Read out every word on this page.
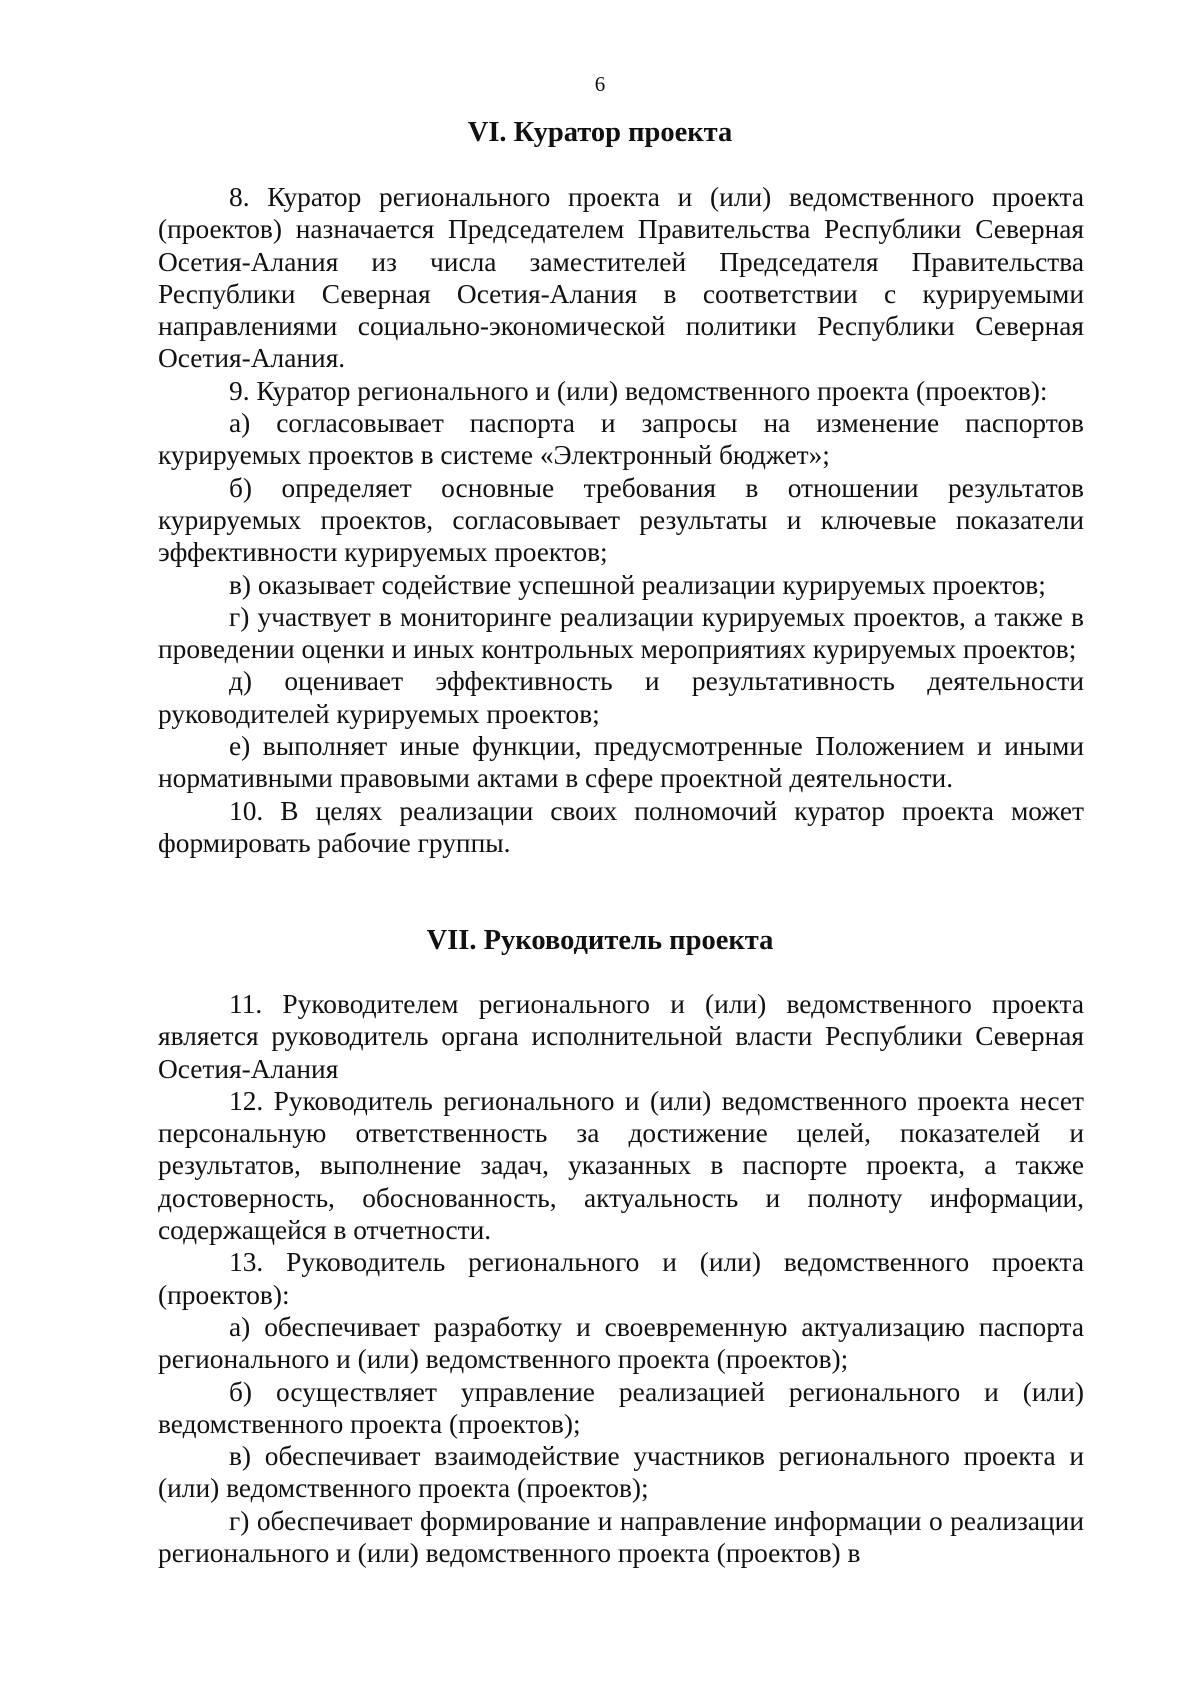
6
VI. Куратор проекта

8. Куратор регионального проекта и (или) ведомственного проекта (проектов) назначается Председателем Правительства Республики Северная Осетия-Алания из числа заместителей Председателя Правительства Республики Северная Осетия-Алания в соответствии с курируемыми направлениями социально-экономической политики Республики Северная Осетия-Алания.

9. Куратор регионального и (или) ведомственного проекта (проектов):

а) согласовывает паспорта и запросы на изменение паспортов курируемых проектов в системе «Электронный бюджет»;

б) определяет основные требования в отношении результатов курируемых проектов, согласовывает результаты и ключевые показатели эффективности курируемых проектов;

в) оказывает содействие успешной реализации курируемых проектов;

г) участвует в мониторинге реализации курируемых проектов, а также в проведении оценки и иных контрольных мероприятиях курируемых проектов;

д) оценивает эффективность и результативность деятельности руководителей курируемых проектов;

е) выполняет иные функции, предусмотренные Положением и иными нормативными правовыми актами в сфере проектной деятельности.

10. В целях реализации своих полномочий куратор проекта может формировать рабочие группы.

VII. Руководитель проекта

11. Руководителем регионального и (или) ведомственного проекта является руководитель органа исполнительной власти Республики Северная Осетия-Алания

12. Руководитель регионального и (или) ведомственного проекта несет персональную ответственность за достижение целей, показателей и результатов, выполнение задач, указанных в паспорте проекта, а также достоверность, обоснованность, актуальность и полноту информации, содержащейся в отчетности.

13. Руководитель регионального и (или) ведомственного проекта (проектов):

а) обеспечивает разработку и своевременную актуализацию паспорта регионального и (или) ведомственного проекта (проектов);

б) осуществляет управление реализацией регионального и (или) ведомственного проекта (проектов);

в) обеспечивает взаимодействие участников регионального проекта и (или) ведомственного проекта (проектов);

г) обеспечивает формирование и направление информации о реализации регионального и (или) ведомственного проекта (проектов) в
